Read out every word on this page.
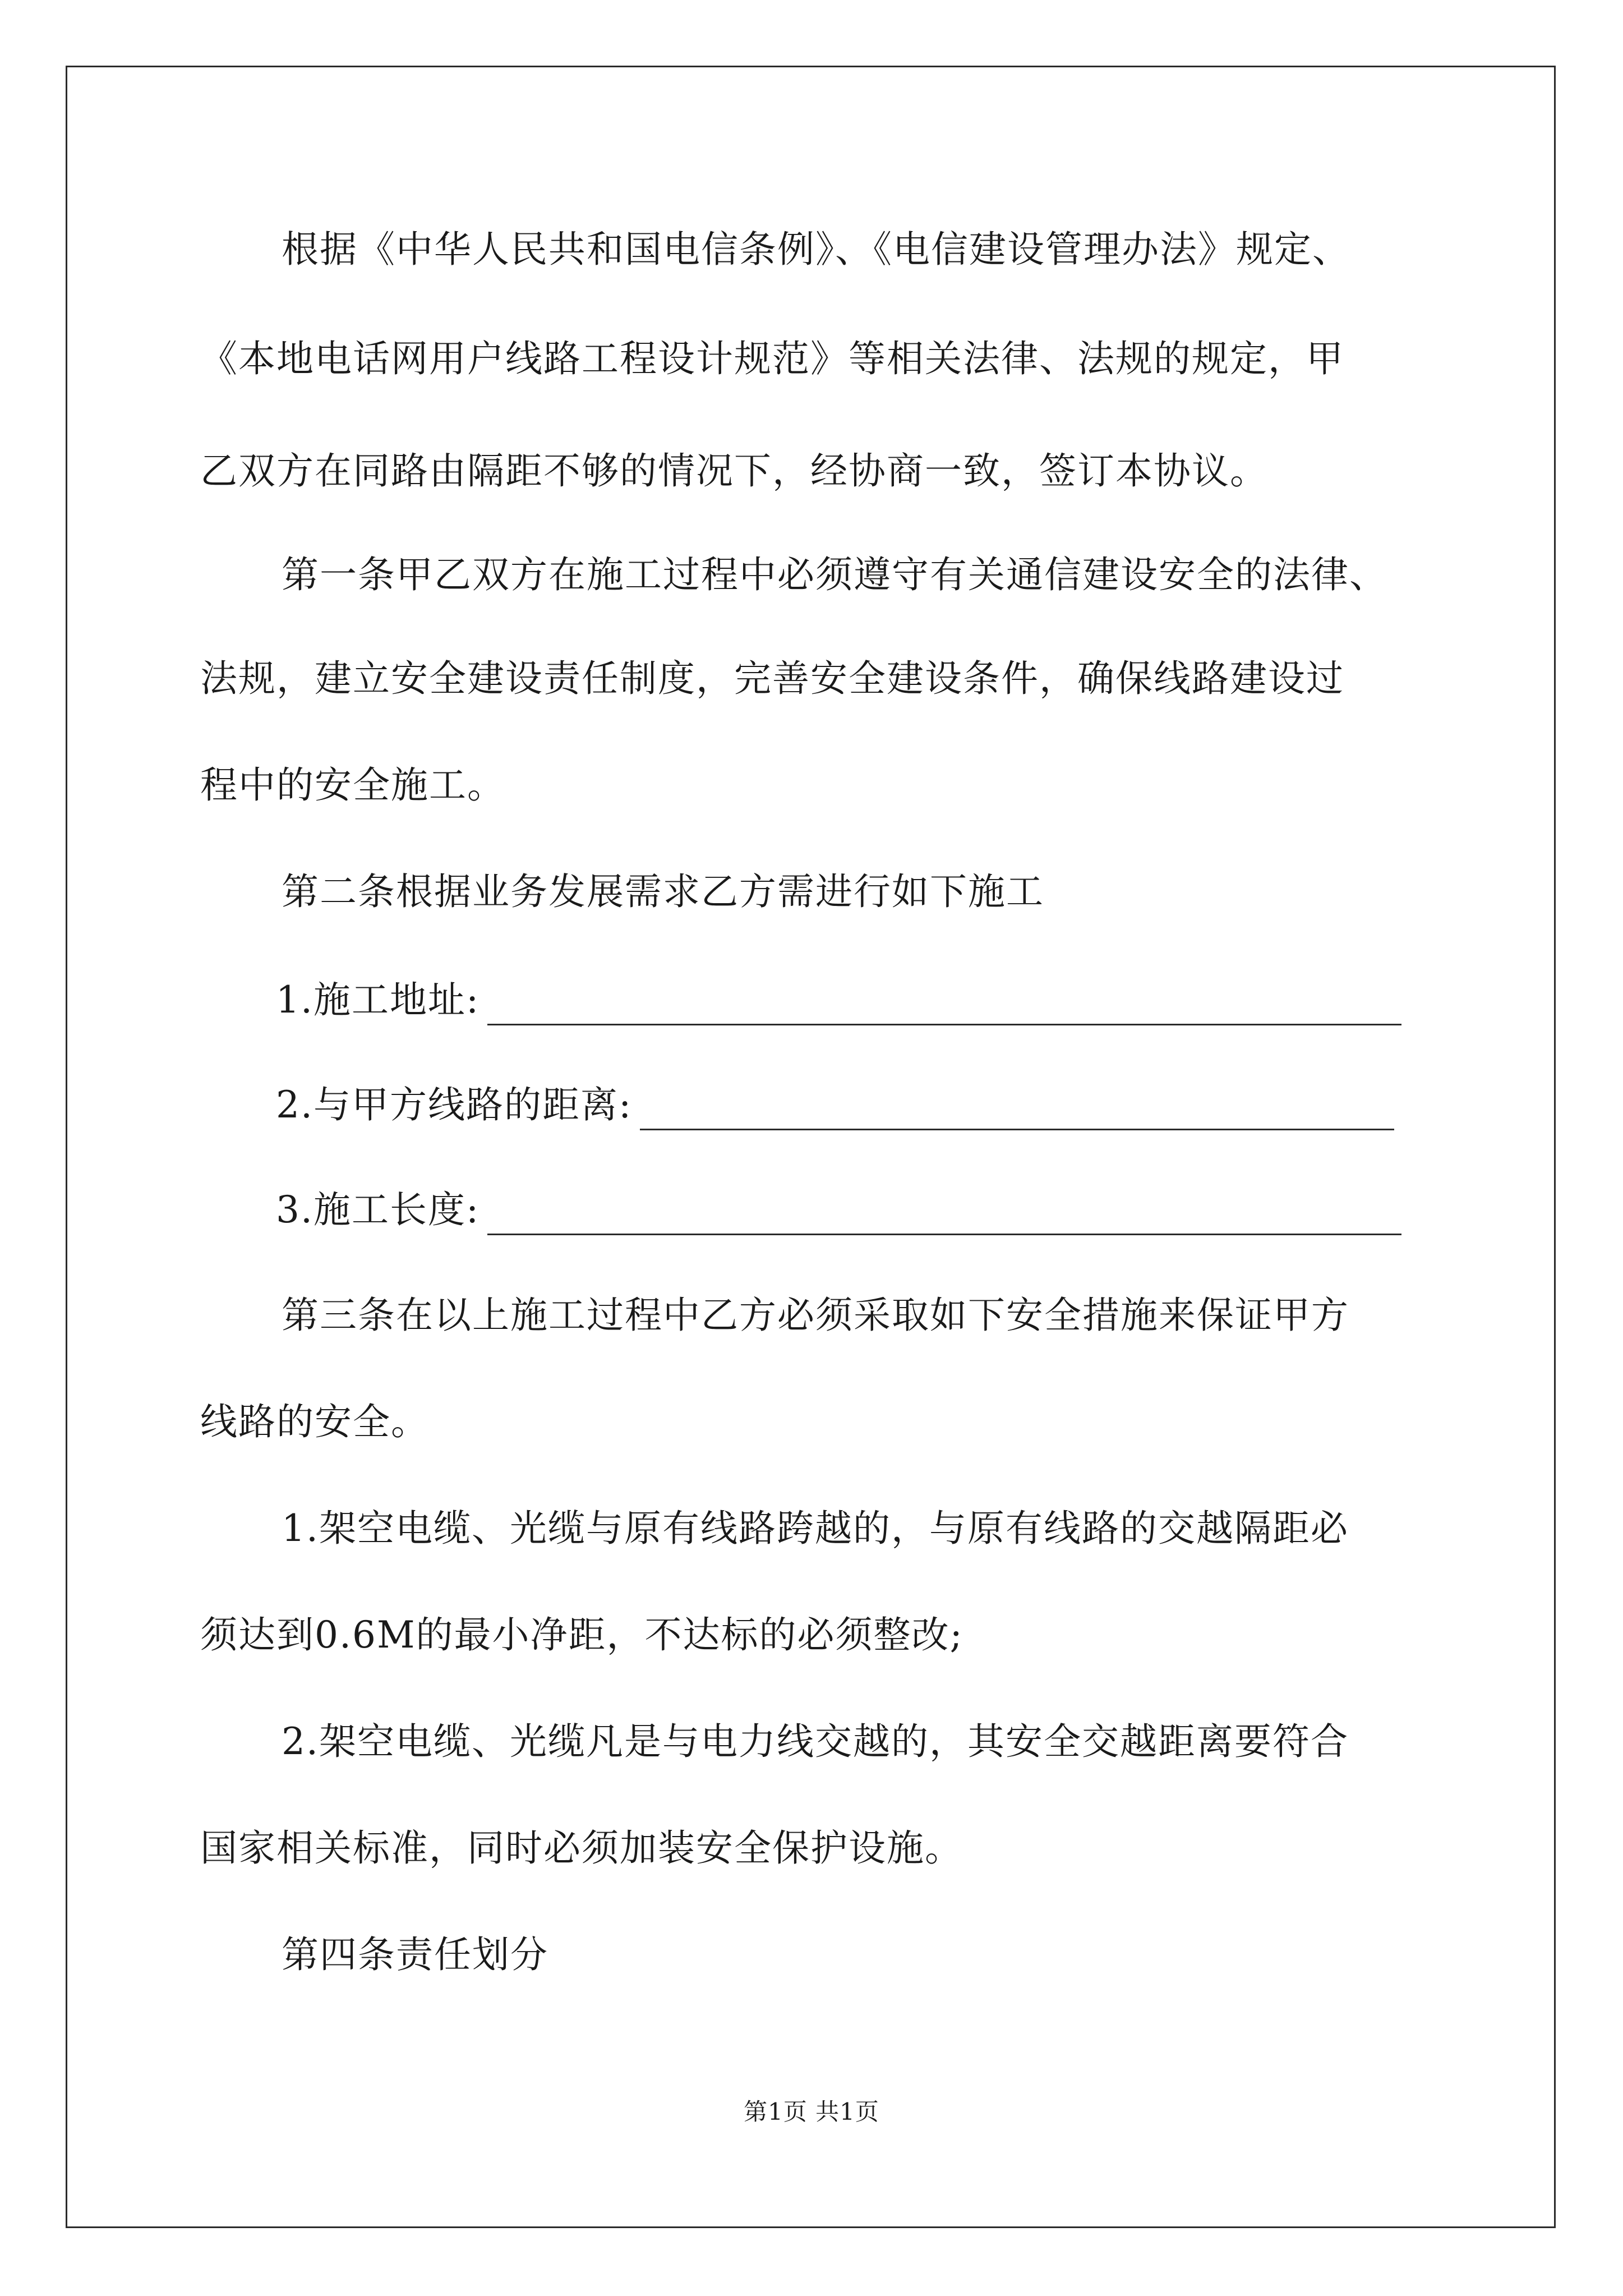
根据《中华人民共和国电信条例》、《电信建设管理办法》规定、
《本地电话网用户线路工程设计规范》等相关法律、法规的规定，甲
乙双方在同路由隔距不够的情况下，经协商一致，签订本协议。
第一条甲乙双方在施工过程中必须遵守有关通信建设安全的法律、
法规，建立安全建设责任制度，完善安全建设条件，确保线路建设过
程中的安全施工。
第二条根据业务发展需求乙方需进行如下施工
1.施工地址:
2.与甲方线路的距离:
3.施工长度:
第三条在以上施工过程中乙方必须采取如下安全措施来保证甲方
线路的安全。
1.架空电缆、光缆与原有线路跨越的，与原有线路的交越隔距必
须达到0.6M的最小净距，不达标的必须整改;
2.架空电缆、光缆凡是与电力线交越的，其安全交越距离要符合
国家相关标准，同时必须加装安全保护设施。
第四条责任划分
第1页 共1页
